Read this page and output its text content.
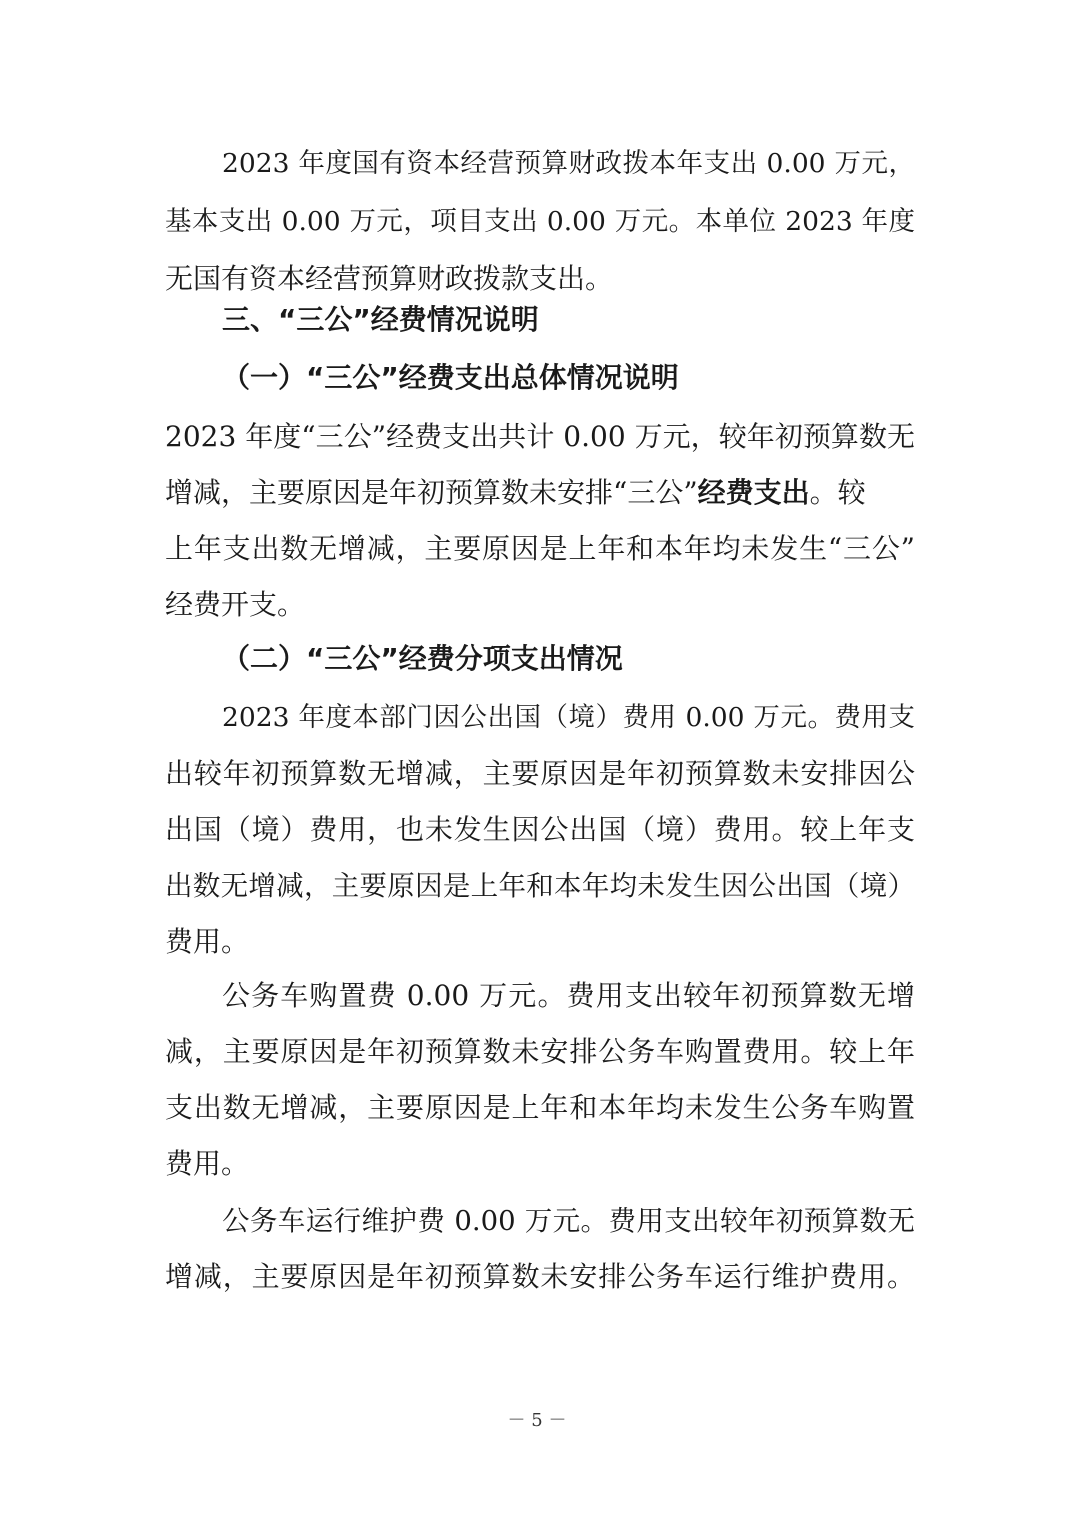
2023 年度国有资本经营预算财政拨本年支出 0.00 万元，
基本支出 0.00 万元，项目支出 0.00 万元。本单位 2023 年度
无国有资本经营预算财政拨款支出。
三、“三公”经费情况说明
（一）“三公”经费支出总体情况说明
2023 年度“三公”经费支出共计 0.00 万元，较年初预算数无
增减，主要原因是年初预算数未安排“三公”经费支出。较
上年支出数无增减，主要原因是上年和本年均未发生“三公”
经费开支。
（二）“三公”经费分项支出情况
2023 年度本部门因公出国（境）费用 0.00 万元。费用支
出较年初预算数无增减，主要原因是年初预算数未安排因公
出国（境）费用，也未发生因公出国（境）费用。较上年支
出数无增减，主要原因是上年和本年均未发生因公出国（境）
费用。
公务车购置费 0.00 万元。费用支出较年初预算数无增
减，主要原因是年初预算数未安排公务车购置费用。较上年
支出数无增减，主要原因是上年和本年均未发生公务车购置
费用。
公务车运行维护费 0.00 万元。费用支出较年初预算数无
增减，主要原因是年初预算数未安排公务车运行维护费用。
－ 5 －
